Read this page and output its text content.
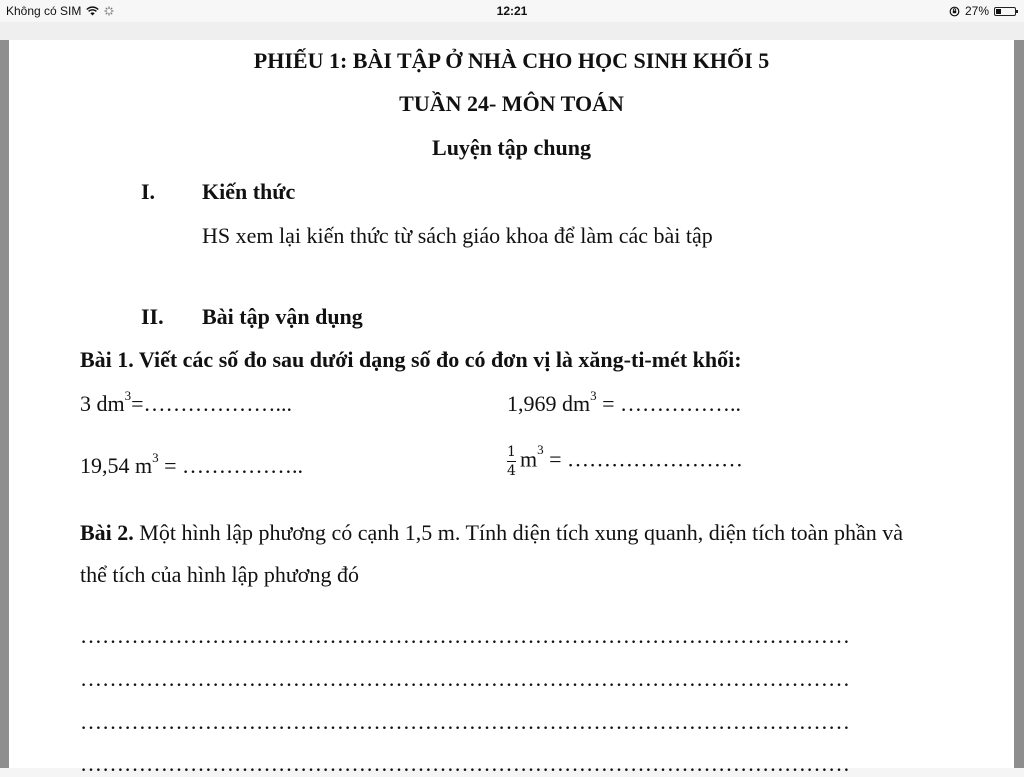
Không có SIM	12:21	27%
PHIẾU 1: BÀI TẬP Ở NHÀ CHO HỌC SINH KHỐI 5
TUẦN 24- MÔN TOÁN
Luyện tập chung
I. Kiến thức
HS xem lại kiến thức từ sách giáo khoa để làm các bài tập
II. Bài tập vận dụng
Bài 1. Viết các số đo sau dưới dạng số đo có đơn vị là xăng-ti-mét khối:
3 $dm^3=\dots\dots\dots\dots\dots\dots$...	1,969 $dm^3$ = ……………..
19,54 $m^3$ = ……………..	$\frac{1}{4} m^3$ = ……………………
Bài 2. Một hình lập phương có cạnh 1,5 m. Tính diện tích xung quanh, diện tích toàn phần và
thể tích của hình lập phương đó
……………………………………………………………………………………………
……………………………………………………………………………………………
……………………………………………………………………………………………
……………………………………………………………………………………………
